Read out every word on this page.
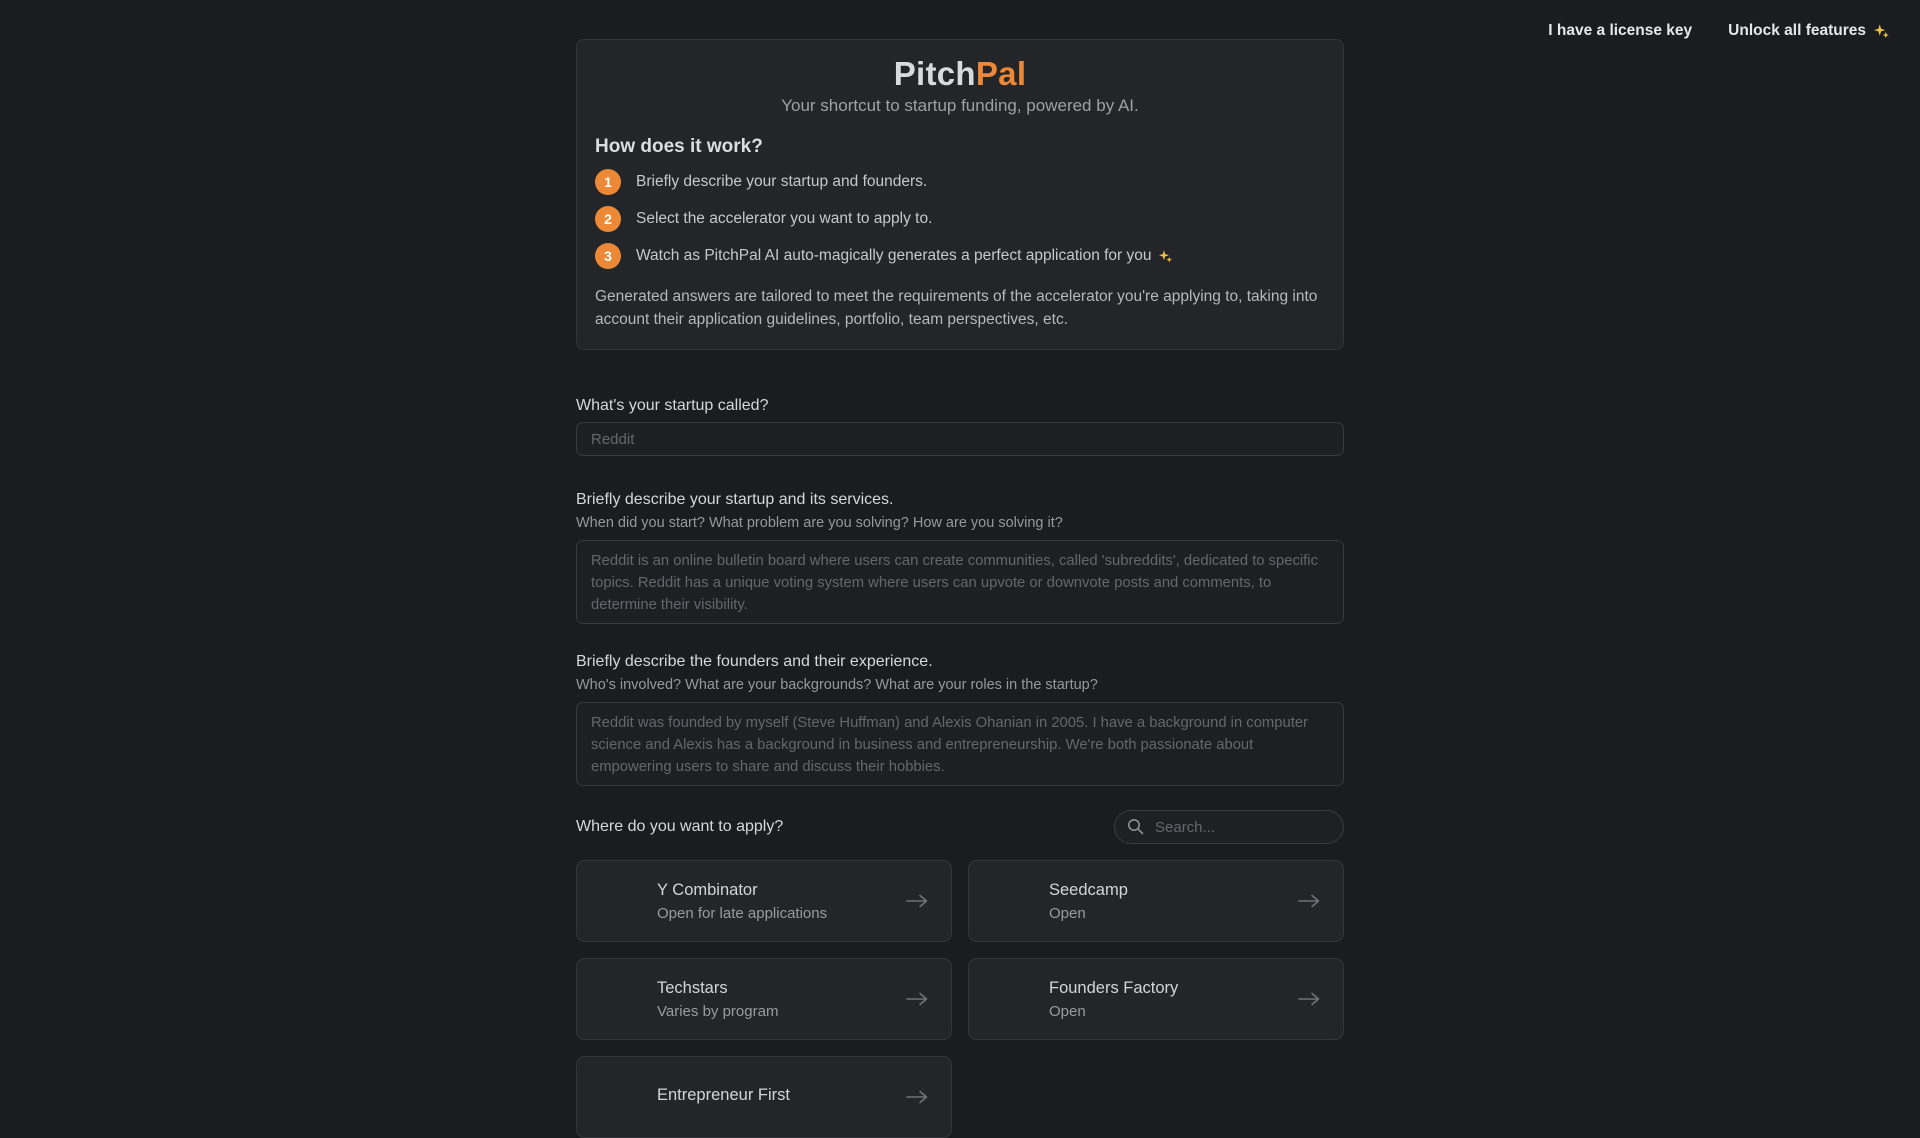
I have a license key Unlock all features
PitchPal
Your shortcut to startup funding, powered by AI.
How does it work?
1	Briefly describe your startup and founders.
2	Select the accelerator you want to apply to.
3	Watch as PitchPal AI auto-magically generates a perfect application for you
Generated answers are tailored to meet the requirements of the accelerator you're applying to, taking into account their application guidelines, portfolio, team perspectives, etc.
What's your startup called?
Reddit
Briefly describe your startup and its services.
When did you start? What problem are you solving? How are you solving it?
Reddit is an online bulletin board where users can create communities, called 'subreddits', dedicated to specific topics. Reddit has a unique voting system where users can upvote or downvote posts and comments, to determine their visibility.
Briefly describe the founders and their experience.
Who's involved? What are your backgrounds? What are your roles in the startup?
Reddit was founded by myself (Steve Huffman) and Alexis Ohanian in 2005. I have a background in computer science and Alexis has a background in business and entrepreneurship. We're both passionate about empowering users to share and discuss their hobbies.
Where do you want to apply?
Search...
Y Combinator
Open for late applications
Seedcamp
Open
Techstars
Varies by program
Founders Factory
Open
Entrepreneur First
